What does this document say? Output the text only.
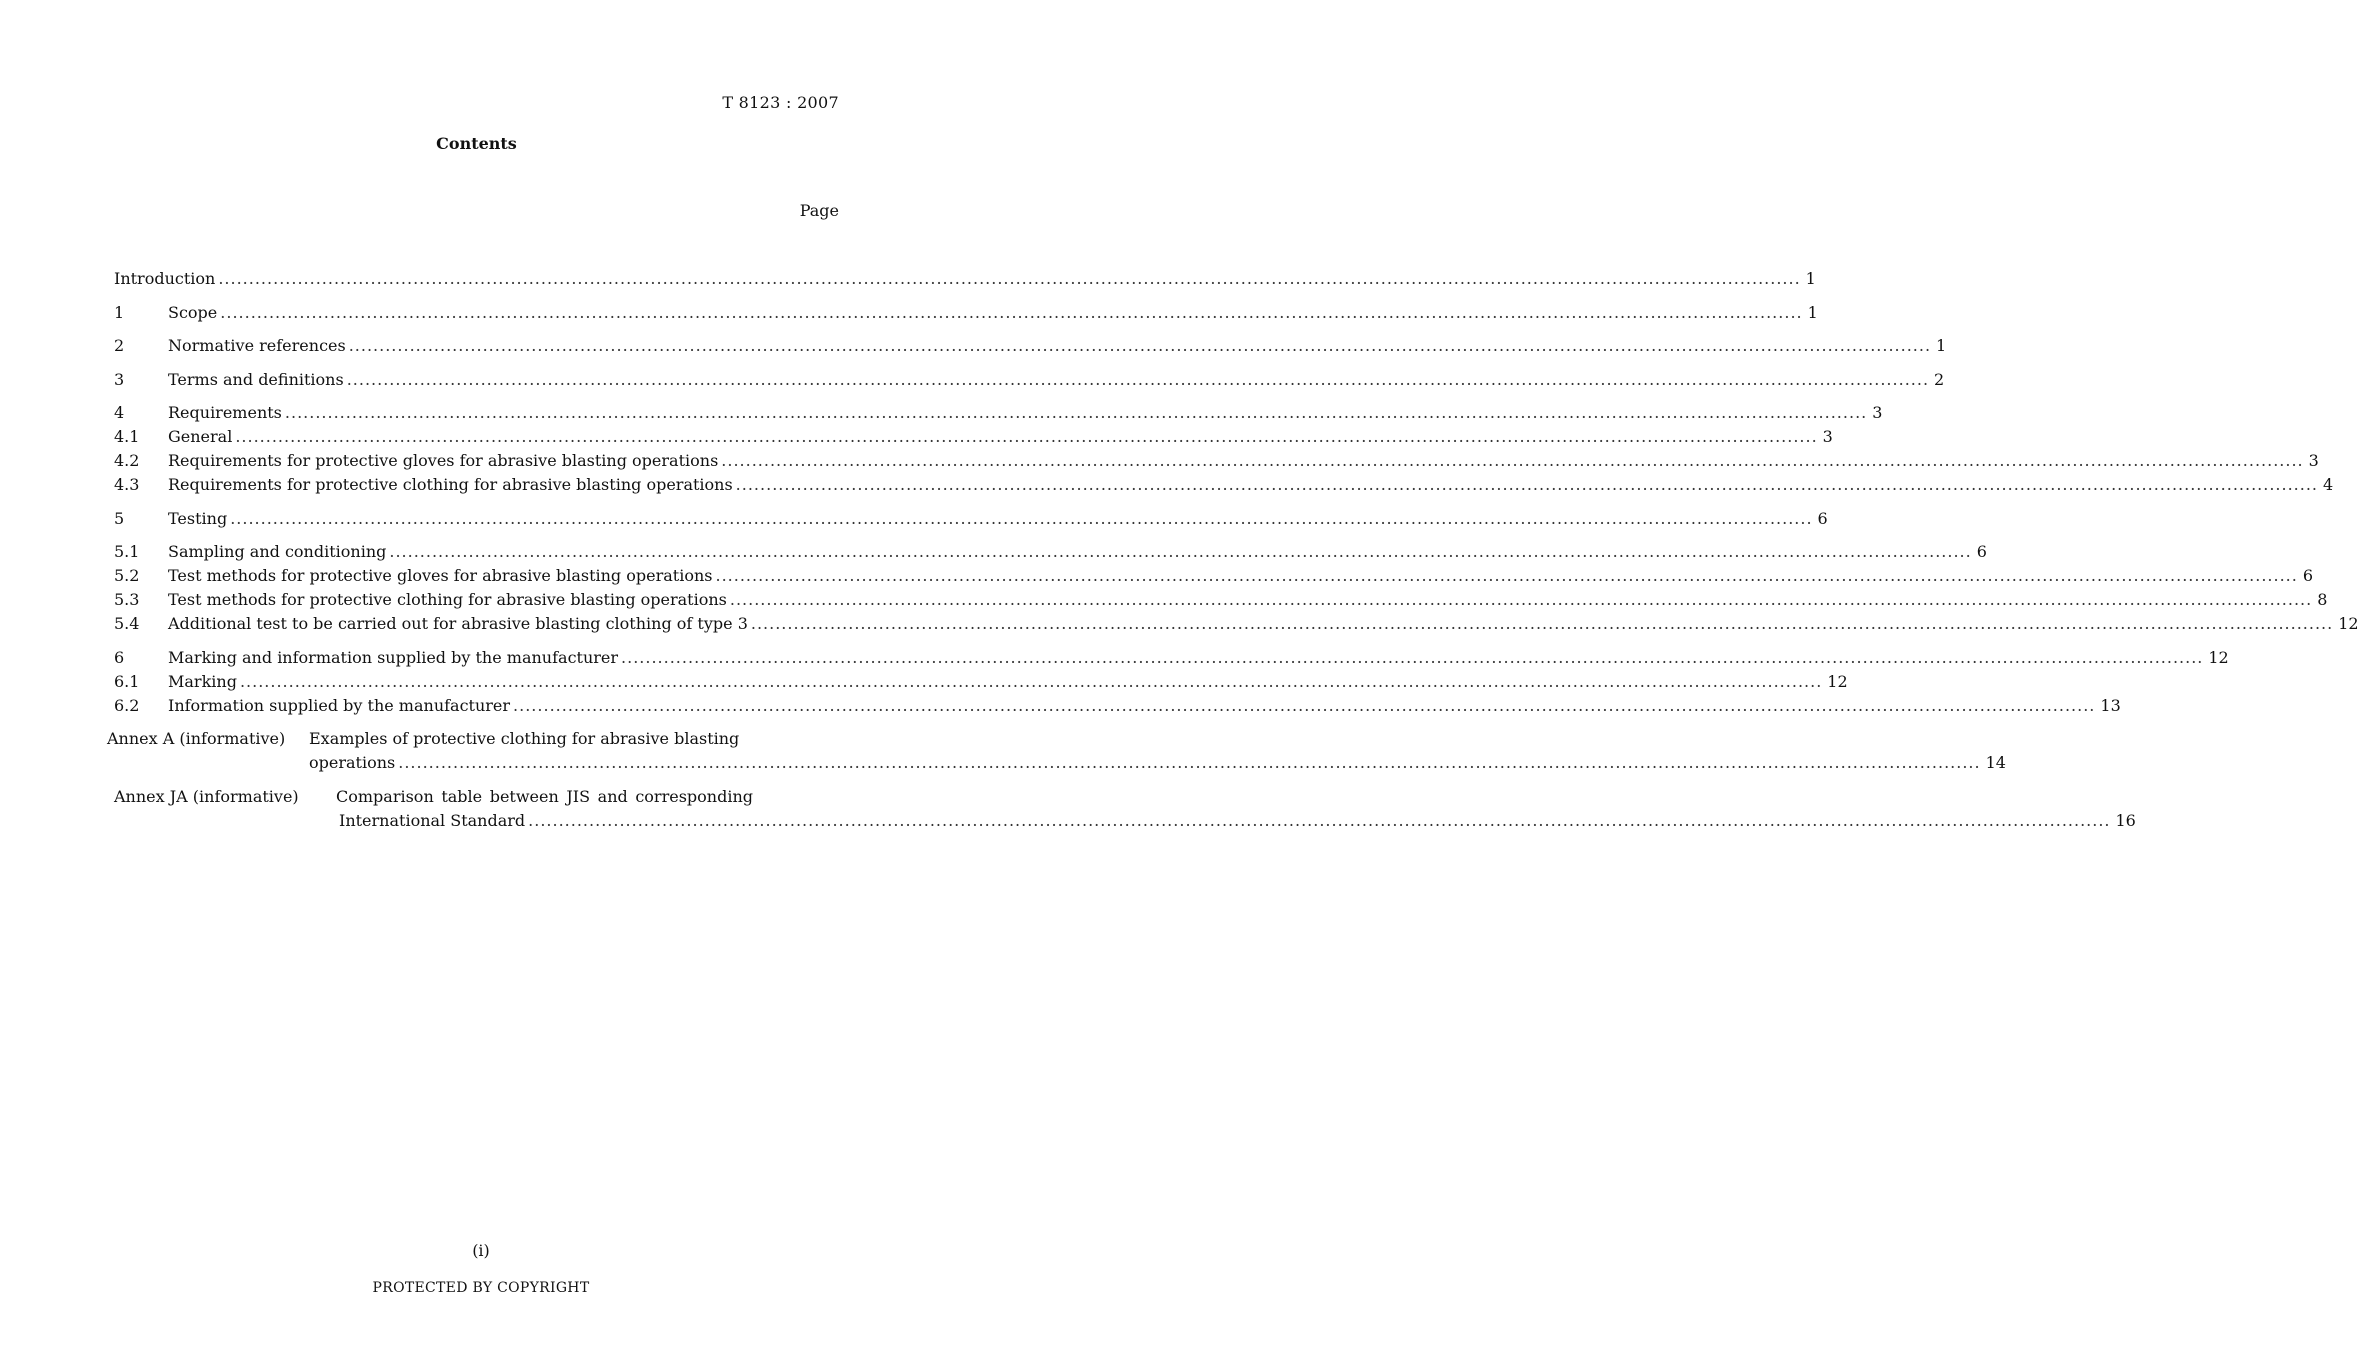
T 8123 : 2007
Contents
Page
Introduction .....	1
1	Scope .....	1
2	Normative references .....	1
3	Terms and definitions .....	2
4	Requirements .....	3
4.1	General .....	3
4.2	Requirements for protective gloves for abrasive blasting operations .....	3
4.3	Requirements for protective clothing for abrasive blasting operations .....	4
5	Testing .....	6
5.1	Sampling and conditioning .....	6
5.2	Test methods for protective gloves for abrasive blasting operations .....	6
5.3	Test methods for protective clothing for abrasive blasting operations .....	8
5.4	Additional test to be carried out for abrasive blasting clothing of type 3 .....	12
6	Marking and information supplied by the manufacturer .....	12
6.1	Marking .....	12
6.2	Information supplied by the manufacturer .....	13
Annex A (informative)	Examples of protective clothing for abrasive blasting
operations .....	14
Annex JA (informative)	Comparison table between JIS and corresponding
International Standard .....	16
(i)
PROTECTED BY COPYRIGHT
